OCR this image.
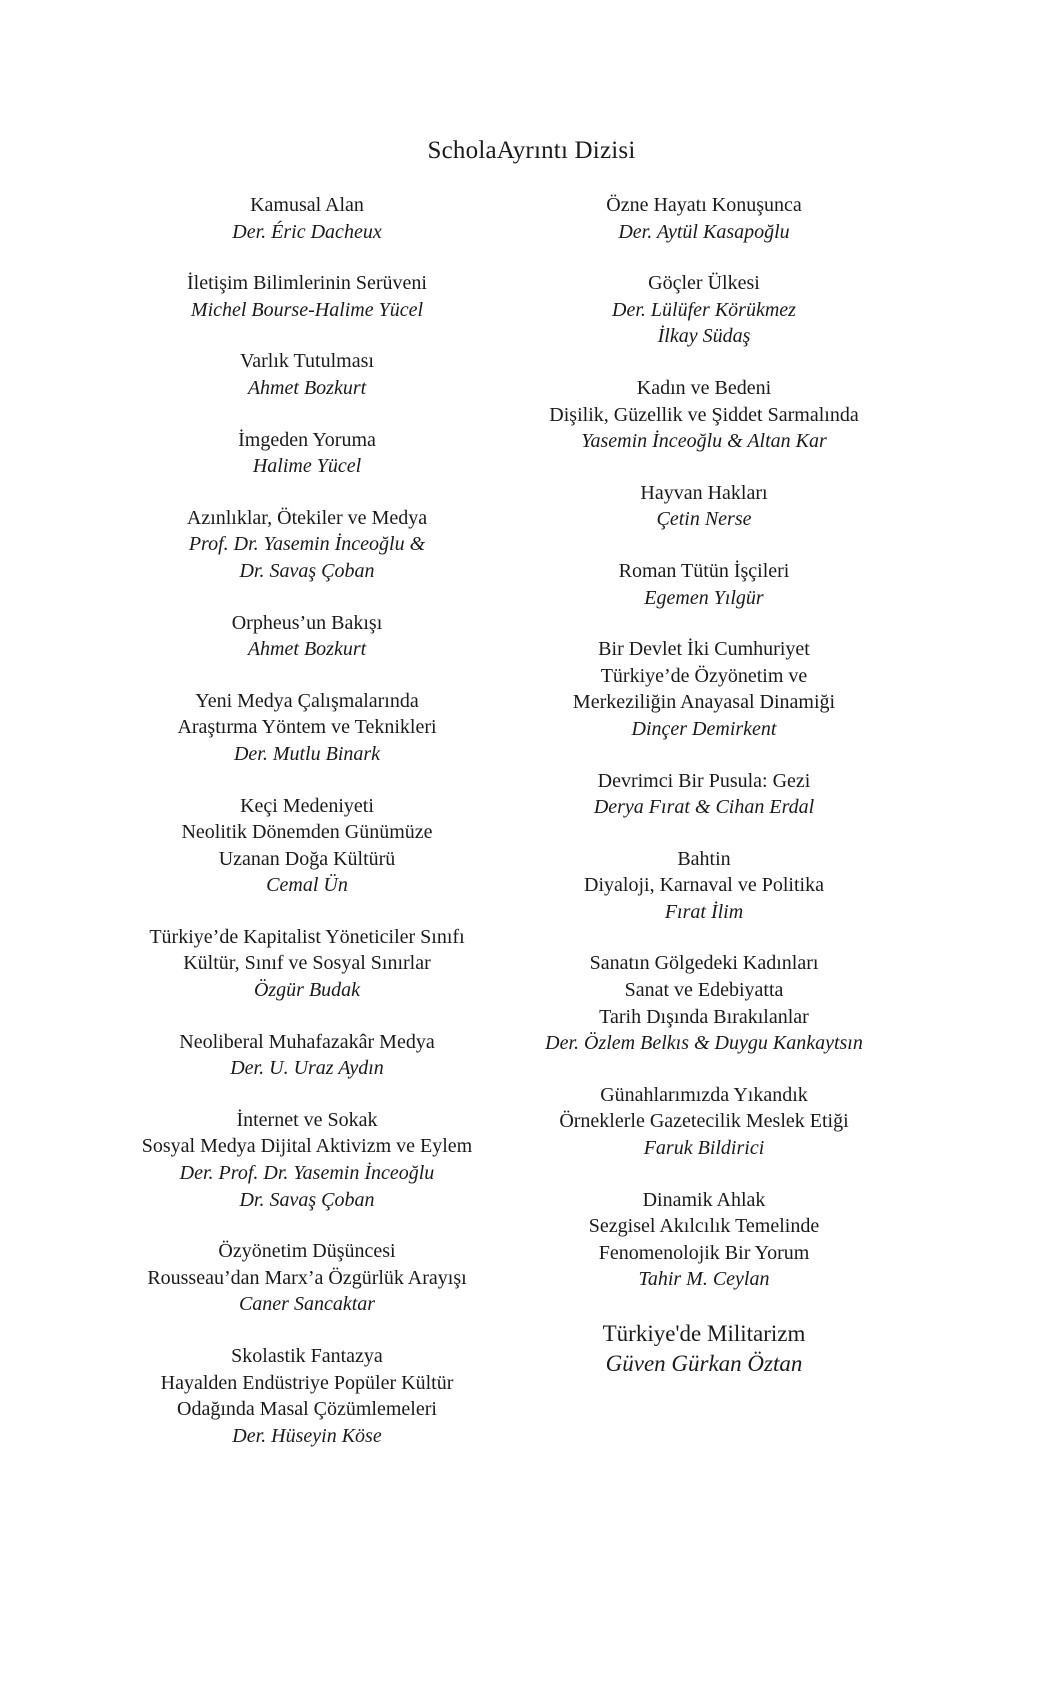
ScholaAyrıntı Dizisi
Kamusal Alan
Der. Éric Dacheux
İletişim Bilimlerinin Serüveni
Michel Bourse-Halime Yücel
Varlık Tutulması
Ahmet Bozkurt
İmgeden Yoruma
Halime Yücel
Azınlıklar, Ötekiler ve Medya
Prof. Dr. Yasemin İnceoğlu &
Dr. Savaş Çoban
Orpheus’un Bakışı
Ahmet Bozkurt
Yeni Medya Çalışmalarında
Araştırma Yöntem ve Teknikleri
Der. Mutlu Binark
Keçi Medeniyeti
Neolitik Dönemden Günümüze
Uzanan Doğa Kültürü
Cemal Ün
Türkiye’de Kapitalist Yöneticiler Sınıfı
Kültür, Sınıf ve Sosyal Sınırlar
Özgür Budak
Neoliberal Muhafazakâr Medya
Der. U. Uraz Aydın
İnternet ve Sokak
Sosyal Medya Dijital Aktivizm ve Eylem
Der. Prof. Dr. Yasemin İnceoğlu
Dr. Savaş Çoban
Özyönetim Düşüncesi
Rousseau’dan Marx’a Özgürlük Arayışı
Caner Sancaktar
Skolastik Fantazya
Hayalden Endüstriye Popüler Kültür
Odağında Masal Çözümlemeleri
Der. Hüseyin Köse
Özne Hayatı Konuşunca
Der. Aytül Kasapoğlu
Göçler Ülkesi
Der. Lülüfer Körükmez
İlkay Südaş
Kadın ve Bedeni
Dişilik, Güzellik ve Şiddet Sarmalında
Yasemin İnceoğlu & Altan Kar
Hayvan Hakları
Çetin Nerse
Roman Tütün İşçileri
Egemen Yılgür
Bir Devlet İki Cumhuriyet
Türkiye’de Özyönetim ve
Merkeziliğin Anayasal Dinamiği
Dinçer Demirkent
Devrimci Bir Pusula: Gezi
Derya Fırat & Cihan Erdal
Bahtin
Diyaloji, Karnaval ve Politika
Fırat İlim
Sanatın Gölgedeki Kadınları
Sanat ve Edebiyatta
Tarih Dışında Bırakılanlar
Der. Özlem Belkıs & Duygu Kankaytsın
Günahlarımızda Yıkandık
Örneklerle Gazetecilik Meslek Etiği
Faruk Bildirici
Dinamik Ahlak
Sezgisel Akılcılık Temelinde
Fenomenolojik Bir Yorum
Tahir M. Ceylan
Türkiye'de Militarizm
Güven Gürkan Öztan
